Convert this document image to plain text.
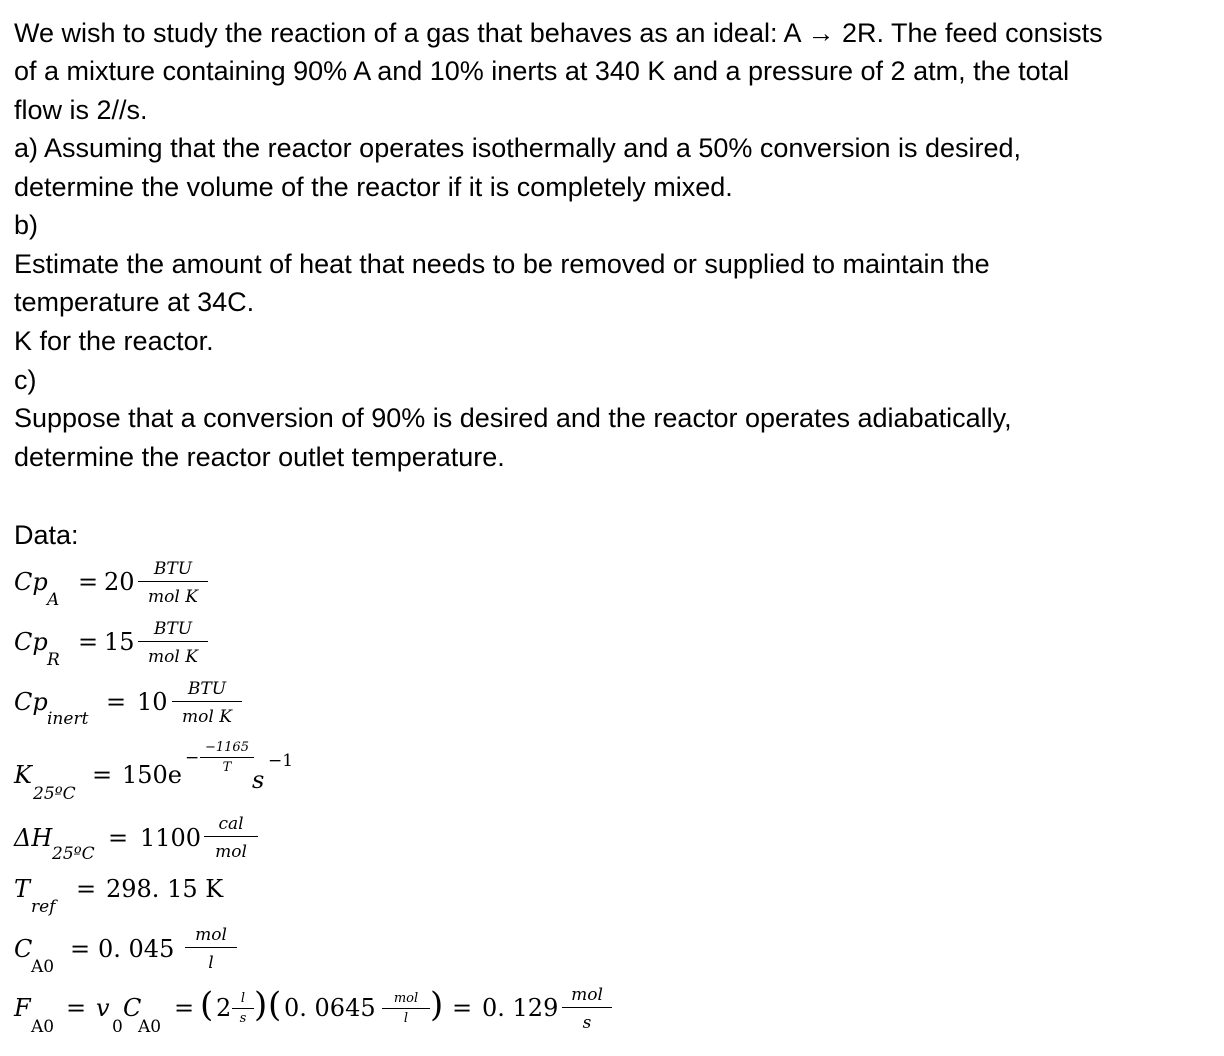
We wish to study the reaction of a gas that behaves as an ideal: A → 2R. The feed consists
of a mixture containing 90% A and 10% inerts at 340 K and a pressure of 2 atm, the total
flow is 2//s.
a) Assuming that the reactor operates isothermally and a 50% conversion is desired,
determine the volume of the reactor if it is completely mixed.
b)
Estimate the amount of heat that needs to be removed or supplied to maintain the
temperature at 34C.
K for the reactor.
c)
Suppose that a conversion of 90% is desired and the reactor operates adiabatically,
determine the reactor outlet temperature.
Data:
Cp
A
= 20	BTU
mol K
Cp
R
= 15	BTU
mol K
Cp
inert
= 10	BTU
mol K
K
25ºC
= 150e
−
−1165
T s
−1
ΔH
25ºC
= 1100	cal
mol
T
ref
= 298. 15 K
C
A0
= 0. 045	mol
l
F
A0
= v
0
C
A0
= ( 2 l
s ) ( 0. 0645	mol
l ) = 0. 129 mol
s
